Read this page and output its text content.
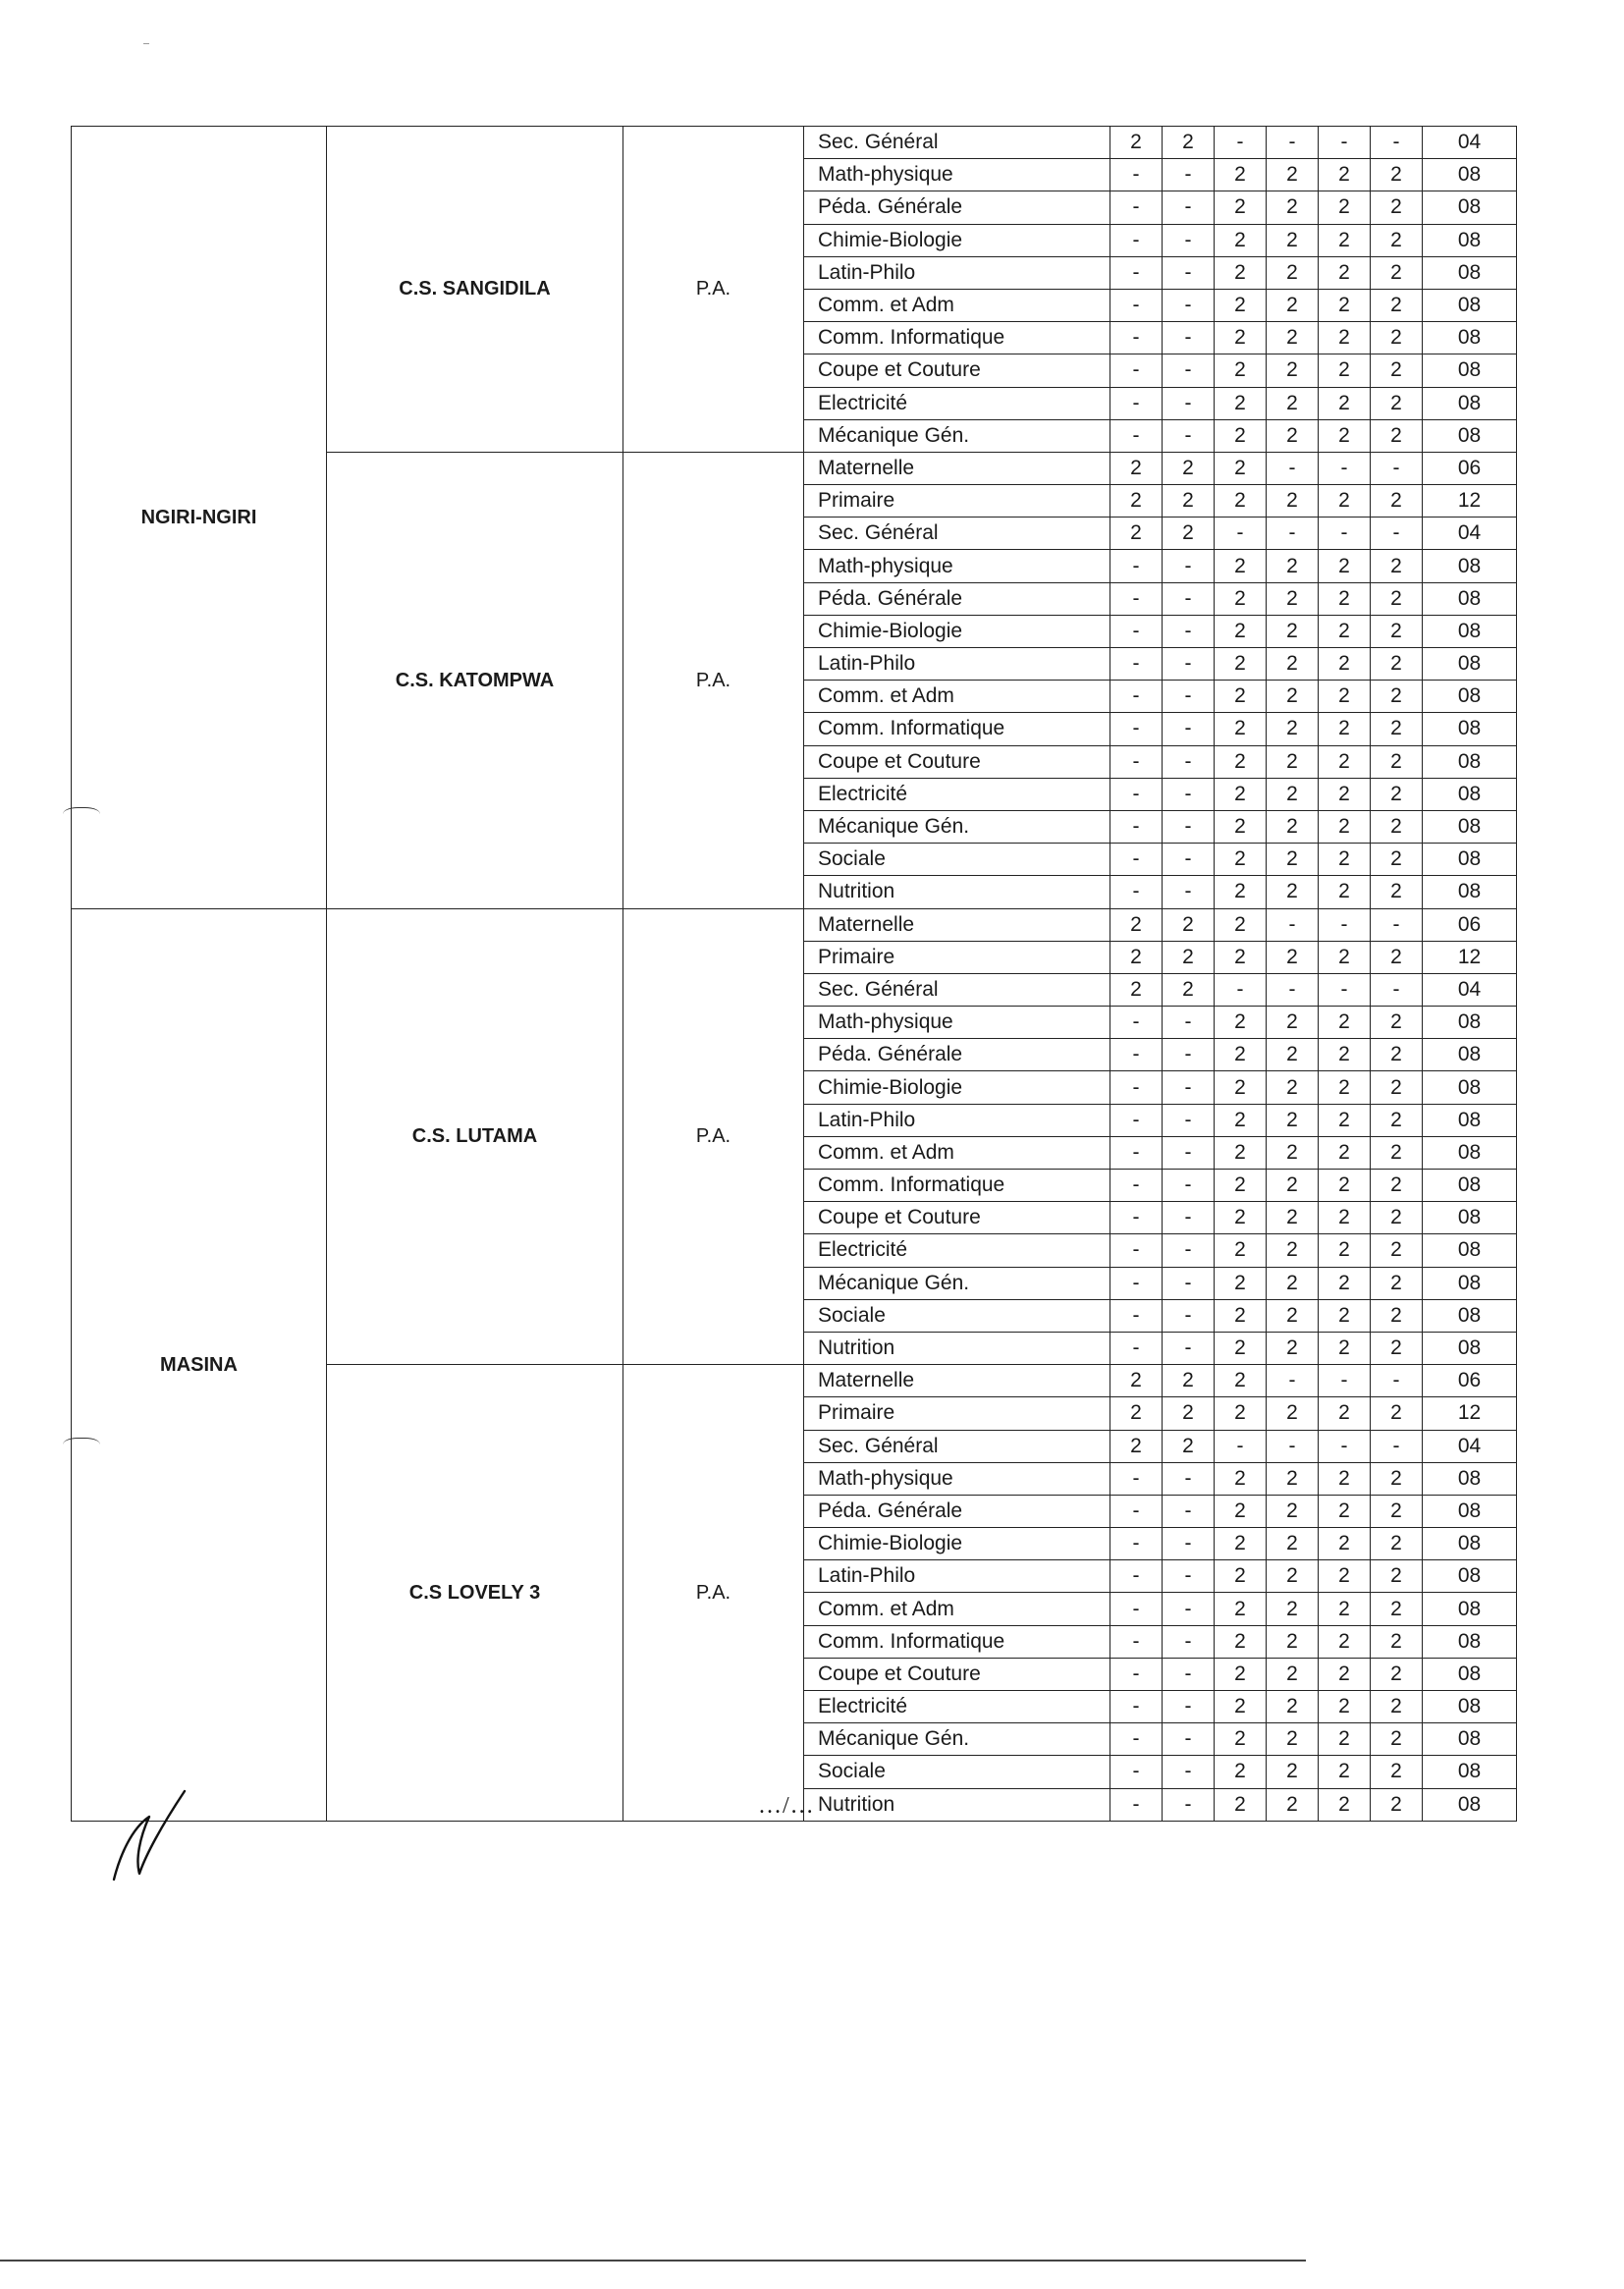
NGIRI-NGIRI	C.S. SANGIDILA	P.A.	Sec. Général	2	2	-	-	-	-	04
			Math-physique	-	-	2	2	2	2	08
			Péda. Générale	-	-	2	2	2	2	08
			Chimie-Biologie	-	-	2	2	2	2	08
			Latin-Philo	-	-	2	2	2	2	08
			Comm. et Adm	-	-	2	2	2	2	08
			Comm. Informatique	-	-	2	2	2	2	08
			Coupe et Couture	-	-	2	2	2	2	08
			Electricité	-	-	2	2	2	2	08
			Mécanique Gén.	-	-	2	2	2	2	08
	C.S. KATOMPWA	P.A.	Maternelle	2	2	2	-	-	-	06
			Primaire	2	2	2	2	2	2	12
			Sec. Général	2	2	-	-	-	-	04
			Math-physique	-	-	2	2	2	2	08
			Péda. Générale	-	-	2	2	2	2	08
			Chimie-Biologie	-	-	2	2	2	2	08
			Latin-Philo	-	-	2	2	2	2	08
			Comm. et Adm	-	-	2	2	2	2	08
			Comm. Informatique	-	-	2	2	2	2	08
			Coupe et Couture	-	-	2	2	2	2	08
			Electricité	-	-	2	2	2	2	08
			Mécanique Gén.	-	-	2	2	2	2	08
			Sociale	-	-	2	2	2	2	08
			Nutrition	-	-	2	2	2	2	08
MASINA	C.S. LUTAMA	P.A.	Maternelle	2	2	2	-	-	-	06
			Primaire	2	2	2	2	2	2	12
			Sec. Général	2	2	-	-	-	-	04
			Math-physique	-	-	2	2	2	2	08
			Péda. Générale	-	-	2	2	2	2	08
			Chimie-Biologie	-	-	2	2	2	2	08
			Latin-Philo	-	-	2	2	2	2	08
			Comm. et Adm	-	-	2	2	2	2	08
			Comm. Informatique	-	-	2	2	2	2	08
			Coupe et Couture	-	-	2	2	2	2	08
			Electricité	-	-	2	2	2	2	08
			Mécanique Gén.	-	-	2	2	2	2	08
			Sociale	-	-	2	2	2	2	08
			Nutrition	-	-	2	2	2	2	08
	C.S LOVELY 3	P.A.	Maternelle	2	2	2	-	-	-	06
			Primaire	2	2	2	2	2	2	12
			Sec. Général	2	2	-	-	-	-	04
			Math-physique	-	-	2	2	2	2	08
			Péda. Générale	-	-	2	2	2	2	08
			Chimie-Biologie	-	-	2	2	2	2	08
			Latin-Philo	-	-	2	2	2	2	08
			Comm. et Adm	-	-	2	2	2	2	08
			Comm. Informatique	-	-	2	2	2	2	08
			Coupe et Couture	-	-	2	2	2	2	08
			Electricité	-	-	2	2	2	2	08
			Mécanique Gén.	-	-	2	2	2	2	08
			Sociale	-	-	2	2	2	2	08
			Nutrition	-	-	2	2	2	2	08
…/…
